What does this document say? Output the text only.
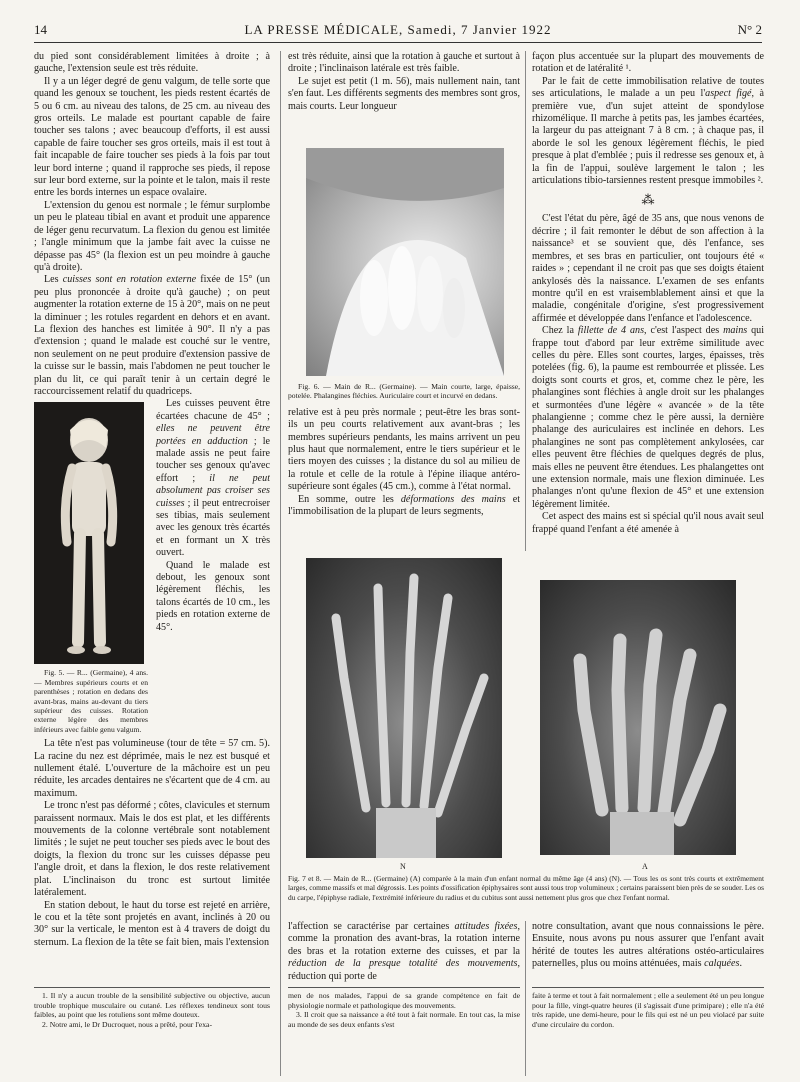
14	LA PRESSE MÉDICALE, Samedi, 7 Janvier 1922	N° 2

du pied sont considérablement limitées à droite ; à gauche, l'extension seule est très réduite.

Il y a un léger degré de genu valgum, de telle sorte que quand les genoux se touchent, les pieds restent écartés de 5 ou 6 cm. au niveau des talons, de 25 cm. au niveau des gros orteils. Le malade est pourtant capable de faire toucher ses talons ; avec beaucoup d'efforts, il est aussi capable de faire toucher ses gros orteils, mais il est tout à fait incapable de faire toucher ses pieds à la fois par tout leur bord interne ; quand il rapproche ses pieds, il repose sur leur bord externe, sur la pointe et le talon, mais il reste entre les bords internes un espace ovalaire.

L'extension du genou est normale ; le fémur surplombe un peu le plateau tibial en avant et produit une apparence de léger genu recurvatum. La flexion du genou est limitée ; l'angle minimum que la jambe fait avec la cuisse ne dépasse pas 45° (la flexion est un peu moindre à gauche qu'à droite).

Les cuisses sont en rotation externe fixée de 15° (un peu plus prononcée à droite qu'à gauche) ; on peut augmenter la rotation externe de 15 à 20°, mais on ne peut la diminuer ; les rotules regardent en dehors et en avant. La flexion des hanches est limitée à 90°. Il n'y a pas d'extension ; quand le malade est couché sur le ventre, non seulement on ne peut produire d'extension passive de la cuisse sur le bassin, mais l'abdomen ne peut toucher le plan du lit, ce qui paraît tenir à un certain degré le raccourcissement relatif du quadriceps.

Fig. 5. — R... (Germaine), 4 ans. — Membres supérieurs courts et en parenthèses ; rotation en dedans des avant-bras, mains au-devant du tiers supérieur des cuisses. Rotation externe légère des membres inférieurs avec faible genu valgum.

Les cuisses peuvent être écartées chacune de 45° ; elles ne peuvent être portées en adduction ; le malade assis ne peut faire toucher ses genoux qu'avec effort ; il ne peut absolument pas croiser ses cuisses ; il peut entrecroiser ses tibias, mais seulement avec les genoux très écartés et en formant un X très ouvert.

Quand le malade est debout, les genoux sont légèrement fléchis, les talons écartés de 10 cm., les pieds en rotation externe de 45°.

La tête n'est pas volumineuse (tour de tête = 57 cm. 5). La racine du nez est déprimée, mais le nez est busqué et nullement étalé. L'ouverture de la mâchoire est un peu réduite, les arcades dentaires ne s'écartent que de 4 cm. au maximum.

Le tronc n'est pas déformé ; côtes, clavicules et sternum paraissent normaux. Mais le dos est plat, et les différents mouvements de la colonne vertébrale sont notablement limités ; le sujet ne peut toucher ses pieds avec le bout des doigts, la flexion du tronc sur les cuisses dépasse peu l'angle droit, et dans la flexion, le dos reste relativement plat. L'inclinaison du tronc est surtout limitée latéralement.

En station debout, le haut du torse est rejeté en arrière, le cou et la tête sont projetés en avant, inclinés à 20 ou 30° sur la verticale, le menton est à 4 travers de doigt du sternum. La flexion de la tête se fait bien, mais l'extension

1. Il n'y a aucun trouble de la sensibilité subjective ou objective, aucun trouble trophique musculaire ou cutané. Les réflexes tendineux sont tous faibles, au point que les rotuliens sont même douteux.

2. Notre ami, le Dr Ducroquet, nous a prêté, pour l'exa-

est très réduite, ainsi que la rotation à gauche et surtout à droite ; l'inclinaison latérale est très faible.

Le sujet est petit (1 m. 56), mais nullement nain, tant s'en faut. Les différents segments des membres sont gros, mais courts. Leur longueur

Fig. 6. — Main de R... (Germaine). — Main courte, large, épaisse, potelée. Phalangines fléchies. Auriculaire court et incurvé en dedans.

relative est à peu près normale ; peut-être les bras sont-ils un peu courts relativement aux avant-bras ; les membres supérieurs pendants, les mains arrivent un peu plus haut que normalement, entre le tiers supérieur et le tiers moyen des cuisses ; la distance du sol au milieu de la rotule et celle de la rotule à l'épine iliaque antéro-supérieure sont égales (45 cm.), comme à l'état normal.

En somme, outre les déformations des mains et l'immobilisation de la plupart de leurs segments,

façon plus accentuée sur la plupart des mouvements de rotation et de latéralité ¹.

Par le fait de cette immobilisation relative de toutes ses articulations, le malade a un peu l'aspect figé, à première vue, d'un sujet atteint de spondylose rhizomélique. Il marche à petits pas, les jambes écartées, la largeur du pas atteignant 7 à 8 cm. ; à chaque pas, il aborde le sol les genoux légèrement fléchis, le pied presque à plat d'emblée ; puis il redresse ses genoux et, à la fin de l'appui, soulève largement le talon ; les articulations tibio-tarsiennes restent presque immobiles ².

⁂

C'est l'état du père, âgé de 35 ans, que nous venons de décrire ; il fait remonter le début de son affection à la naissance³ et se souvient que, dès l'enfance, ses membres, et ses bras en particulier, ont toujours été « raides » ; cependant il ne croit pas que ses doigts étaient ankylosés dès la naissance. L'examen de ses enfants montre qu'il en est vraisemblablement ainsi et que la maladie, congénitale d'origine, s'est progressivement affirmée et développée dans l'enfance et l'adolescence.

Chez la fillette de 4 ans, c'est l'aspect des mains qui frappe tout d'abord par leur extrême similitude avec celles du père. Elles sont courtes, larges, épaisses, très potelées (fig. 6), la paume est rembourrée et plissée. Les doigts sont courts et gros, et, comme chez le père, les phalangines sont fléchies à angle droit sur les phalanges et surmontées d'une légère « avancée » de la tête phalangienne ; comme chez le père aussi, la dernière phalange des auriculaires est inclinée en dehors. Les phalangines ne sont pas complètement ankylosées, car elles peuvent être fléchies de quelques degrés de plus, mais elles ne peuvent être étendues. Les phalangettes ont une extension normale, mais une flexion diminuée. Les phalanges n'ont qu'une flexion de 45° et une extension légèrement limitée.

Cet aspect des mains est si spécial qu'il nous avait seul frappé quand l'enfant a été amenée à

N	A

Fig. 7 et 8. — Main de R... (Germaine) (A) comparée à la main d'un enfant normal du même âge (4 ans) (N). — Tous les os sont très courts et extrêmement larges, comme massifs et mal dégrossis. Les points d'ossification épiphysaires sont aussi tous trop volumineux ; certains paraissent bien près de se souder. Les os du carpe, l'épiphyse radiale, l'extrémité inférieure du radius et du cubitus sont aussi nettement plus gros que chez l'enfant normal.

l'affection se caractérise par certaines attitudes fixées, comme la pronation des avant-bras, la rotation interne des bras et la rotation externe des cuisses, et par la réduction de la presque totalité des mouvements, réduction qui porte de

men de nos malades, l'appui de sa grande compétence en fait de physiologie normale et pathologique des mouvements.

3. Il croit que sa naissance a été tout à fait normale. En tout cas, la mise au monde de ses deux enfants s'est

notre consultation, avant que nous connaissions le père. Ensuite, nous avons pu nous assurer que l'enfant avait hérité de toutes les autres altérations ostéo-articulaires paternelles, plus ou moins atténuées, mais calquées.

faite à terme et tout à fait normalement ; elle a seulement été un peu longue pour la fille, vingt-quatre heures (il s'agissait d'une primipare) ; elle n'a été très rapide, une demi-heure, pour le fils qui est né un peu violacé par suite d'une circulaire du cordon.
